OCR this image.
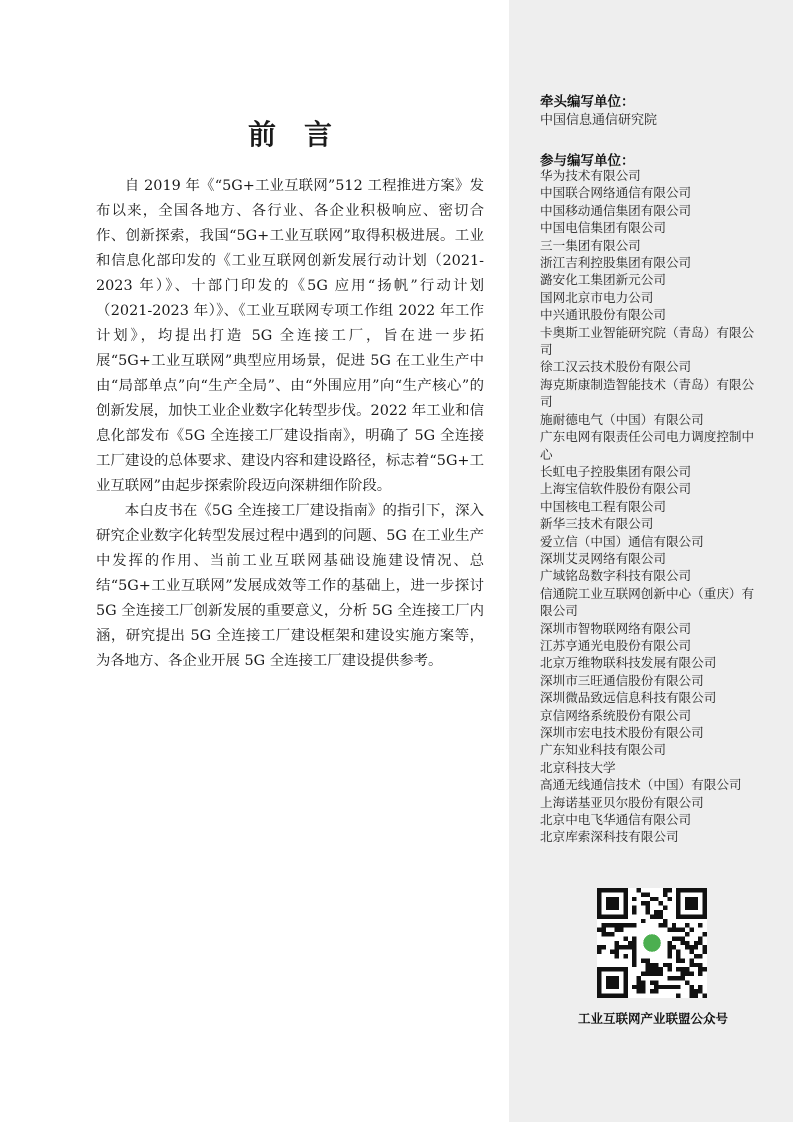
前　言

自 2019 年《“5G+工业互联网”512 工程推进方案》发布以来，全国各地方、各行业、各企业积极响应、密切合作、创新探索，我国“5G+工业互联网”取得积极进展。工业和信息化部印发的《工业互联网创新发展行动计划（2021-2023 年）》、十部门印发的《5G 应用“扬帆”行动计划（2021-2023 年）》、《工业互联网专项工作组 2022 年工作计划》，均提出打造 5G 全连接工厂，旨在进一步拓展“5G+工业互联网”典型应用场景，促进 5G 在工业生产中由“局部单点”向“生产全局”、由“外围应用”向“生产核心”的创新发展，加快工业企业数字化转型步伐。2022 年工业和信息化部发布《5G 全连接工厂建设指南》，明确了 5G 全连接工厂建设的总体要求、建设内容和建设路径，标志着“5G+工业互联网”由起步探索阶段迈向深耕细作阶段。

本白皮书在《5G 全连接工厂建设指南》的指引下，深入研究企业数字化转型发展过程中遇到的问题、5G 在工业生产中发挥的作用、当前工业互联网基础设施建设情况、总结“5G+工业互联网”发展成效等工作的基础上，进一步探讨 5G 全连接工厂创新发展的重要意义，分析 5G 全连接工厂内涵，研究提出 5G 全连接工厂建设框架和建设实施方案等，为各地方、各企业开展 5G 全连接工厂建设提供参考。

牵头编写单位：
中国信息通信研究院
参与编写单位：
华为技术有限公司
中国联合网络通信有限公司
中国移动通信集团有限公司
中国电信集团有限公司
三一集团有限公司
浙江吉利控股集团有限公司
潞安化工集团新元公司
国网北京市电力公司
中兴通讯股份有限公司
卡奥斯工业智能研究院（青岛）有限公司
徐工汉云技术股份有限公司
海克斯康制造智能技术（青岛）有限公司
施耐德电气（中国）有限公司
广东电网有限责任公司电力调度控制中心
长虹电子控股集团有限公司
上海宝信软件股份有限公司
中国核电工程有限公司
新华三技术有限公司
爱立信（中国）通信有限公司
深圳艾灵网络有限公司
广域铭岛数字科技有限公司
信通院工业互联网创新中心（重庆）有限公司
深圳市智物联网络有限公司
江苏亨通光电股份有限公司
北京万维物联科技发展有限公司
深圳市三旺通信股份有限公司
深圳微品致远信息科技有限公司
京信网络系统股份有限公司
深圳市宏电技术股份有限公司
广东知业科技有限公司
北京科技大学
高通无线通信技术（中国）有限公司
上海诺基亚贝尔股份有限公司
北京中电飞华通信有限公司
北京库索深科技有限公司
工业互联网产业联盟公众号
